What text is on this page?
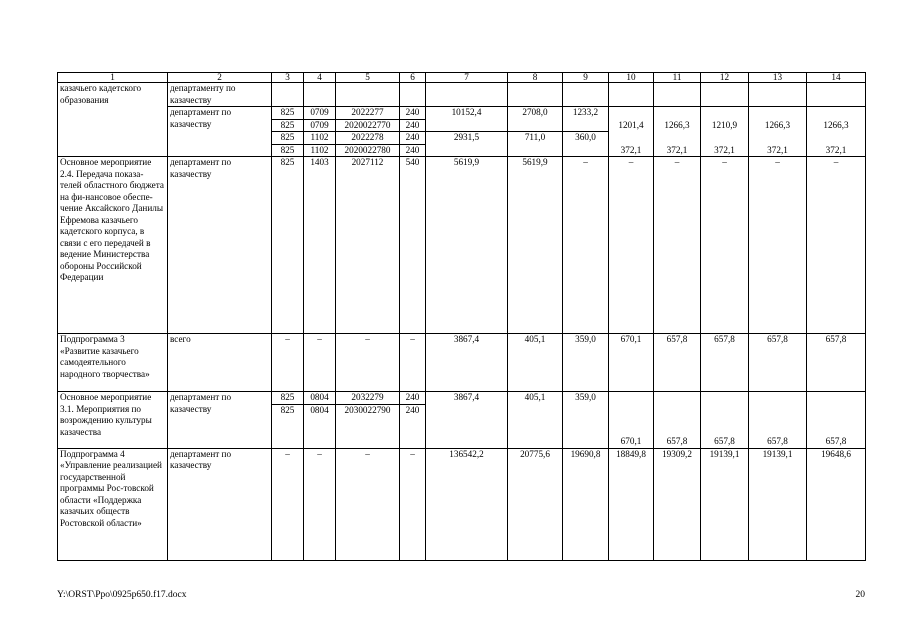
1	2	3	4	5	6	7	8	9	10	11	12	13	14
казачьего кадетского образования	департаменту по казачеству												
	департамент по казачеству	825	0709	2022277	240	10152,4	2708,0	1233,2	1201,4	1266,3	1210,9	1266,3	1266,3
		825	0709	2020022770	240								
		825	1102	2022278	240	2931,5	711,0	360,0	372,1	372,1	372,1	372,1	372,1
		825	1102	2020022780	240								
Основное мероприятие 2.4. Передача показа-телей областного бюджета на фи-нансовое обеспе-чение Аксайского Данилы Ефремова казачьего кадетского корпуса, в связи с его передачей в ведение Министерства обороны Российской Федерации	департамент по казачеству	825	1403	2027112	540	5619,9	5619,9	–	–	–	–	–	–
Подпрограмма 3 «Развитие казачьего самодеятельного народного творчества»	всего	–	–	–	–	3867,4	405,1	359,0	670,1	657,8	657,8	657,8	657,8
Основное мероприятие 3.1. Мероприятия по возрождению культуры казачества	департамент по казачеству	825	0804	2032279	240	3867,4	405,1	359,0	670,1	657,8	657,8	657,8	657,8
		825	0804	2030022790	240								
Подпрограмма 4 «Управление реализацией государственной программы Рос-товской области «Поддержка казачьих обществ Ростовской области»	департамент по казачеству	–	–	–	–	136542,2	20775,6	19690,8	18849,8	19309,2	19139,1	19139,1	19648,6
Y:\ORST\Ppo\0925p650.f17.docx	20
